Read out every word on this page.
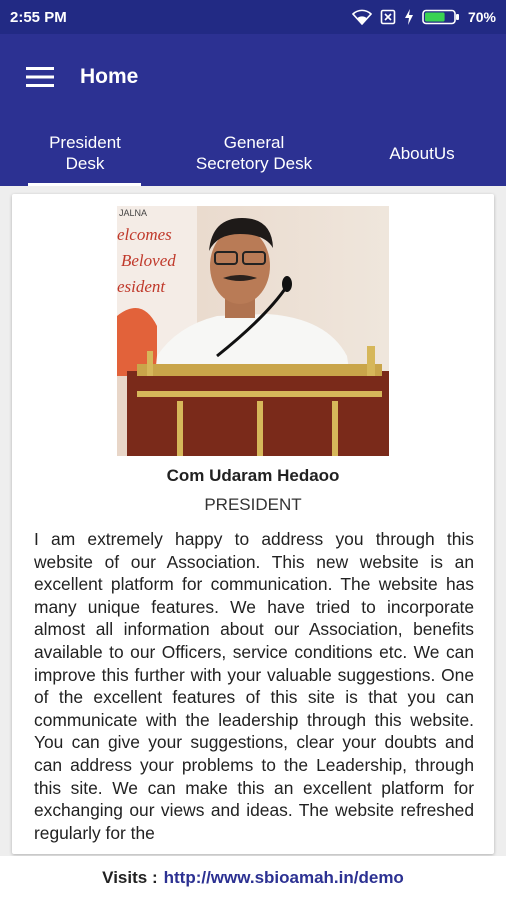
2:55 PM	70%
Home
President Desk
General Secretory Desk
AboutUs
JALNA
elcomes
Beloved
esident
Com Udaram Hedaoo
PRESIDENT
I am extremely happy to address you through this website of our Association. This new website is an excellent platform for communication. The website has many unique features. We have tried to incorporate almost all information about our Association, benefits available to our Officers, service conditions etc. We can improve this further with your valuable suggestions. One of the excellent features of this site is that you can communicate with the leadership through this website. You can give your suggestions, clear your doubts and can address your problems to the Leadership, through this site. We can make this an excellent platform for exchanging our views and ideas. The website refreshed regularly for the
Visits : http://www.sbioamah.in/demo
